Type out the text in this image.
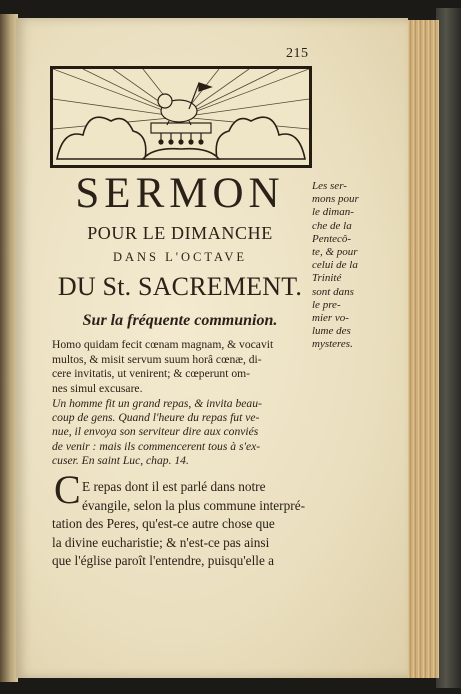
215
SERMON
POUR LE DIMANCHE
DANS L'OCTAVE
DU St. SACREMENT.
Sur la fréquente communion.
Les ser-
mons pour
le diman-
che de la
Pentecô-
te, & pour
celui de la
Trinité
sont dans
le pre-
mier vo-
lume des
mysteres.
Homo quidam fecit cœnam magnam, & vocavit
multos, & misit servum suum horâ cœnæ, di-
cere invitatis, ut venirent; & cœperunt om-
nes simul excusare.
Un homme fit un grand repas, & invita beau-
coup de gens. Quand l'heure du repas fut ve-
nue, il envoya son serviteur dire aux conviés
de venir : mais ils commencerent tous à s'ex-
cuser. En saint Luc, chap. 14.
C E repas dont il est parlé dans notre
évangile, selon la plus commune interpré-
tation des Peres, qu'est-ce autre chose que
la divine eucharistie; & n'est-ce pas ainsi
que l'église paroît l'entendre, puisqu'elle a
